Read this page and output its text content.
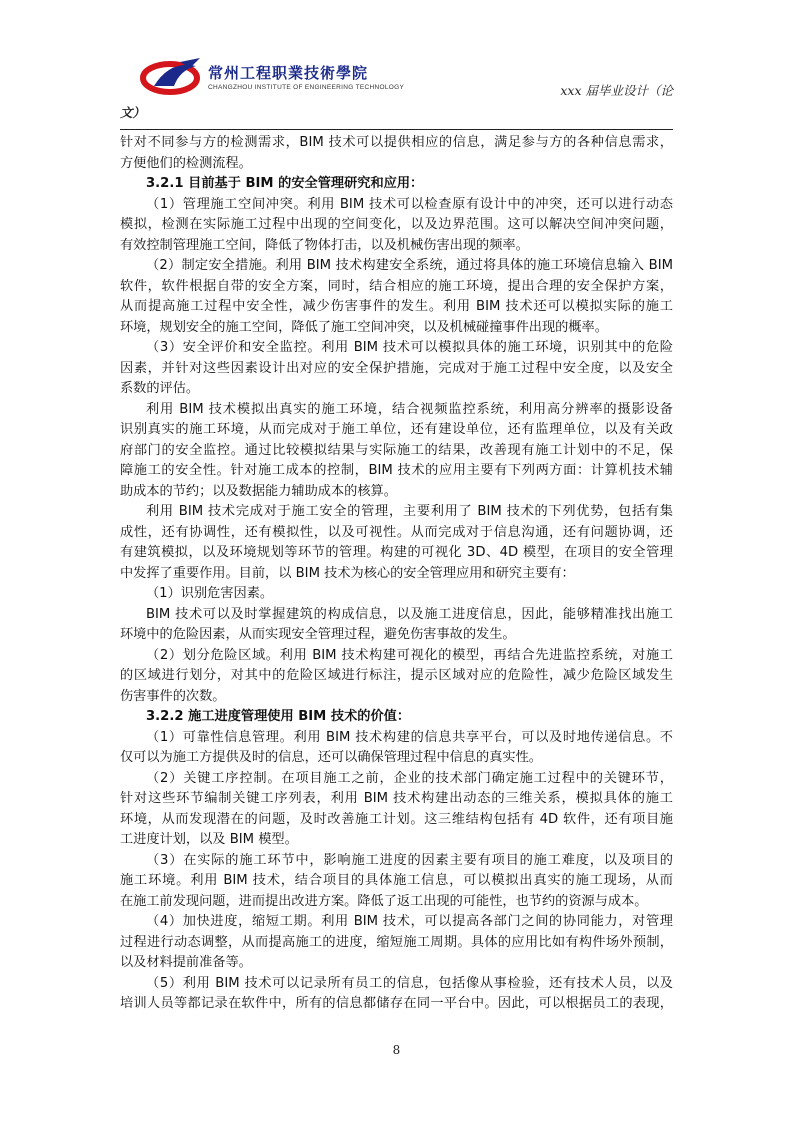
常州工程职業技術學院
CHANGZHOU INSTITUTE OF ENGINEERING TECHNOLOGY	xxx 届毕业设计（论
文）
针对不同参与方的检测需求，BIM 技术可以提供相应的信息，满足参与方的各种信息需求，
方便他们的检测流程。
3.2.1 目前基于 BIM 的安全管理研究和应用：
（1）管理施工空间冲突。利用 BIM 技术可以检查原有设计中的冲突，还可以进行动态
模拟，检测在实际施工过程中出现的空间变化，以及边界范围。这可以解决空间冲突问题，
有效控制管理施工空间，降低了物体打击，以及机械伤害出现的频率。
（2）制定安全措施。利用 BIM 技术构建安全系统，通过将具体的施工环境信息输入 BIM
软件，软件根据自带的安全方案，同时，结合相应的施工环境，提出合理的安全保护方案，
从而提高施工过程中安全性，减少伤害事件的发生。利用 BIM 技术还可以模拟实际的施工
环境，规划安全的施工空间，降低了施工空间冲突，以及机械碰撞事件出现的概率。
（3）安全评价和安全监控。利用 BIM 技术可以模拟具体的施工环境，识别其中的危险
因素，并针对这些因素设计出对应的安全保护措施，完成对于施工过程中安全度，以及安全
系数的评估。
利用 BIM 技术模拟出真实的施工环境，结合视频监控系统，利用高分辨率的摄影设备
识别真实的施工环境，从而完成对于施工单位，还有建设单位，还有监理单位，以及有关政
府部门的安全监控。通过比较模拟结果与实际施工的结果，改善现有施工计划中的不足，保
障施工的安全性。针对施工成本的控制，BIM 技术的应用主要有下列两方面：计算机技术辅
助成本的节约；以及数据能力辅助成本的核算。
利用 BIM 技术完成对于施工安全的管理，主要利用了 BIM 技术的下列优势，包括有集
成性，还有协调性，还有模拟性，以及可视性。从而完成对于信息沟通，还有问题协调，还
有建筑模拟，以及环境规划等环节的管理。构建的可视化 3D、4D 模型，在项目的安全管理
中发挥了重要作用。目前，以 BIM 技术为核心的安全管理应用和研究主要有：
（1）识别危害因素。
BIM 技术可以及时掌握建筑的构成信息，以及施工进度信息，因此，能够精准找出施工
环境中的危险因素，从而实现安全管理过程，避免伤害事故的发生。
（2）划分危险区域。利用 BIM 技术构建可视化的模型，再结合先进监控系统，对施工
的区域进行划分，对其中的危险区域进行标注，提示区域对应的危险性，减少危险区域发生
伤害事件的次数。
3.2.2 施工进度管理使用 BIM 技术的价值：
（1）可靠性信息管理。利用 BIM 技术构建的信息共享平台，可以及时地传递信息。不
仅可以为施工方提供及时的信息，还可以确保管理过程中信息的真实性。
（2）关键工序控制。在项目施工之前，企业的技术部门确定施工过程中的关键环节，
针对这些环节编制关键工序列表，利用 BIM 技术构建出动态的三维关系，模拟具体的施工
环境，从而发现潜在的问题，及时改善施工计划。这三维结构包括有 4D 软件，还有项目施
工进度计划，以及 BIM 模型。
（3）在实际的施工环节中，影响施工进度的因素主要有项目的施工难度，以及项目的
施工环境。利用 BIM 技术，结合项目的具体施工信息，可以模拟出真实的施工现场，从而
在施工前发现问题，进而提出改进方案。降低了返工出现的可能性，也节约的资源与成本。
（4）加快进度，缩短工期。利用 BIM 技术，可以提高各部门之间的协同能力，对管理
过程进行动态调整，从而提高施工的进度，缩短施工周期。具体的应用比如有构件场外预制，
以及材料提前准备等。
（5）利用 BIM 技术可以记录所有员工的信息，包括像从事检验，还有技术人员，以及
培训人员等都记录在软件中，所有的信息都储存在同一平台中。因此，可以根据员工的表现，
8
